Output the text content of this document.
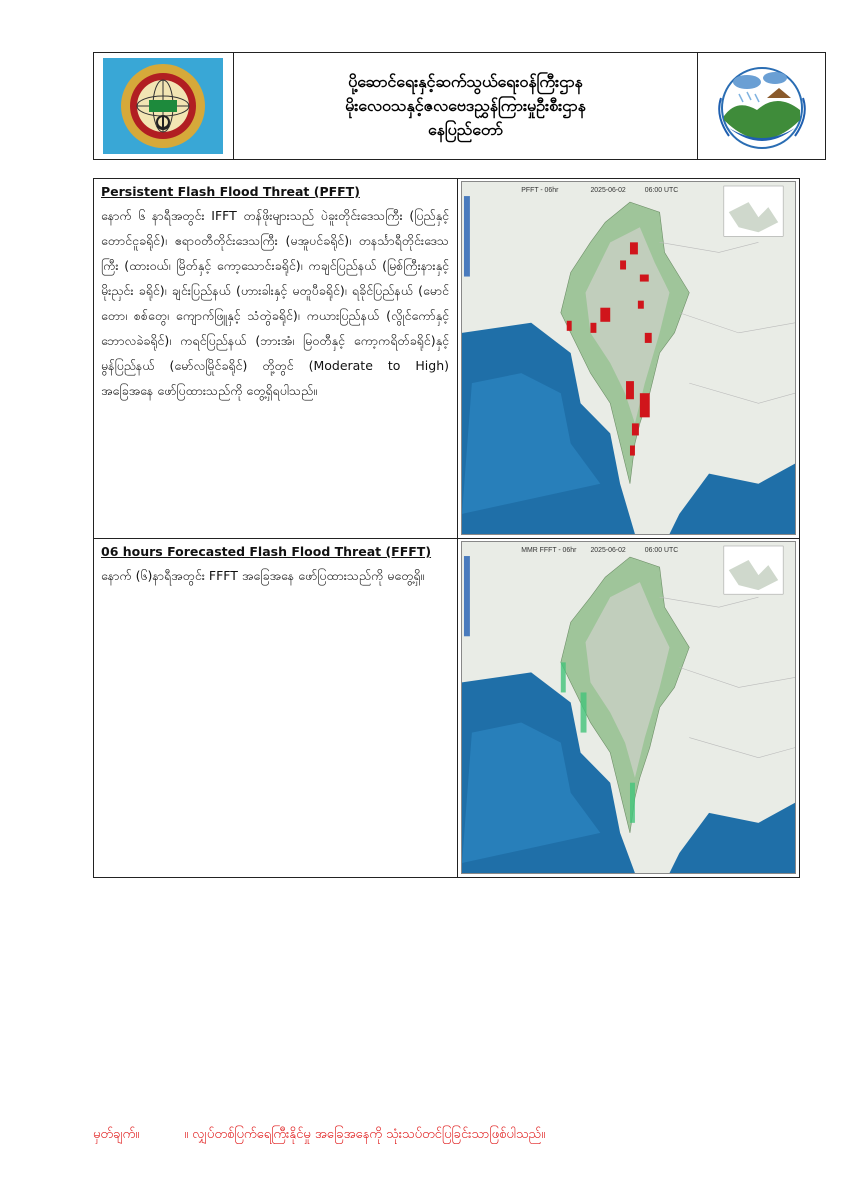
ပို့ဆောင်ရေးနှင့်ဆက်သွယ်ရေးဝန်ကြီးဌာန
မိုးလေဝသနှင့်ဇလဗေဒညွှန်ကြားမှုဦးစီးဌာန
နေပြည်တော်
Persistent Flash Flood Threat (PFFT)
နောက် ၆ နာရီအတွင်း IFFT တန်ဖိုးများသည် ပဲခူးတိုင်းဒေသကြီး (ပြည်နှင့် တောင်ငူခရိုင်)၊ ဧရာဝတီတိုင်းဒေသကြီး (မအူပင်ခရိုင်)၊ တနင်္သာရီတိုင်းဒေသကြီး (ထားဝယ်၊ မြိတ်နှင့် ကော့သောင်းခရိုင်)၊ ကချင်ပြည်နယ် (မြစ်ကြီးနားနှင့် မိုးညှင်း ခရိုင်)၊ ချင်းပြည်နယ် (ဟားခါးနှင့် မတူပီခရိုင်)၊ ရခိုင်ပြည်နယ် (မောင်တော၊ စစ်တွေ၊ ကျောက်ဖြူနှင့် သံတွဲခရိုင်)၊ ကယားပြည်နယ် (လွိုင်ကော်နှင့် ဘောလခဲခရိုင်)၊ ကရင်ပြည်နယ် (ဘားအံ၊ မြဝတီနှင့် ကော့ကရိတ်ခရိုင်)နှင့် မွန်ပြည်နယ် (မော်လမြိုင်ခရိုင်) တို့တွင် (Moderate to High) အခြေအနေ ဖော်ပြထားသည်ကို တွေ့ရှိရပါသည်။
PFFT - 06hr	2025-06-02	06:00 UTC
06 hours Forecasted Flash Flood Threat (FFFT)
နောက် (၆)နာရီအတွင်း FFFT အခြေအနေ ဖော်ပြထားသည်ကို မတွေ့ရှိ။
MMR FFFT - 06hr 2025-06-02	06:00 UTC
မှတ်ချက်။	။ လျှပ်တစ်ပြက်ရေကြီးနိုင်မှု အခြေအနေကို သုံးသပ်တင်ပြခြင်းသာဖြစ်ပါသည်။
